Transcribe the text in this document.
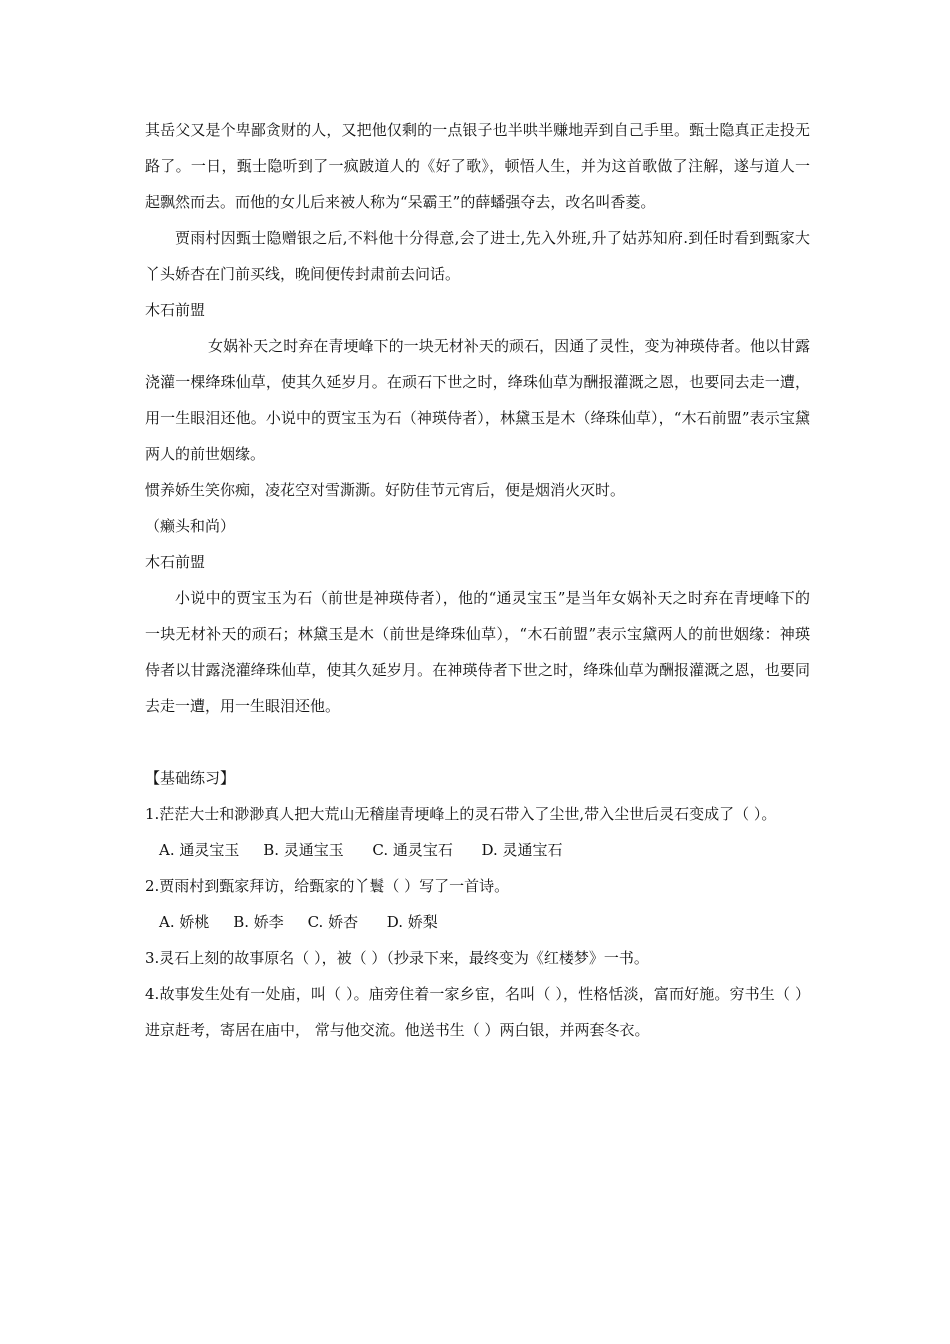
其岳父又是个卑鄙贪财的人，又把他仅剩的一点银子也半哄半赚地弄到自己手里。甄士隐真正走投无路了。一日，甄士隐听到了一疯跛道人的《好了歌》，顿悟人生，并为这首歌做了注解，遂与道人一起飘然而去。而他的女儿后来被人称为“呆霸王”的薛蟠强夺去，改名叫香菱。

贾雨村因甄士隐赠银之后,不料他十分得意,会了进士,先入外班,升了姑苏知府.到任时看到甄家大丫头娇杏在门前买线，晚间便传封肃前去问话。

木石前盟

女娲补天之时弃在青埂峰下的一块无材补天的顽石，因通了灵性，变为神瑛侍者。他以甘露浇灌一棵绛珠仙草，使其久延岁月。在顽石下世之时，绛珠仙草为酬报灌溉之恩，也要同去走一遭，用一生眼泪还他。小说中的贾宝玉为石（神瑛侍者），林黛玉是木（绛珠仙草），“木石前盟”表示宝黛两人的前世姻缘。

惯养娇生笑你痴，凌花空对雪澌澌。好防佳节元宵后，便是烟消火灭时。

（癞头和尚）

木石前盟

小说中的贾宝玉为石（前世是神瑛侍者），他的“通灵宝玉”是当年女娲补天之时弃在青埂峰下的一块无材补天的顽石；林黛玉是木（前世是绛珠仙草），“木石前盟”表示宝黛两人的前世姻缘：神瑛侍者以甘露浇灌绛珠仙草，使其久延岁月。在神瑛侍者下世之时，绛珠仙草为酬报灌溉之恩，也要同去走一遭，用一生眼泪还他。

【基础练习】

1.茫茫大士和渺渺真人把大荒山无稽崖青埂峰上的灵石带入了尘世,带入尘世后灵石变成了（ ）。

A. 通灵宝玉     B. 灵通宝玉      C. 通灵宝石      D. 灵通宝石

2.贾雨村到甄家拜访，给甄家的丫鬟（ ）写了一首诗。

A. 娇桃     B. 娇李     C. 娇杏      D. 娇梨

3.灵石上刻的故事原名（ ），被（ ）（抄录下来，最终变为《红楼梦》一书。

4.故事发生处有一处庙，叫（ ）。庙旁住着一家乡宦，名叫（ ），性格恬淡，富而好施。穷书生（ ）进京赶考，寄居在庙中， 常与他交流。他送书生（ ）两白银，并两套冬衣。
